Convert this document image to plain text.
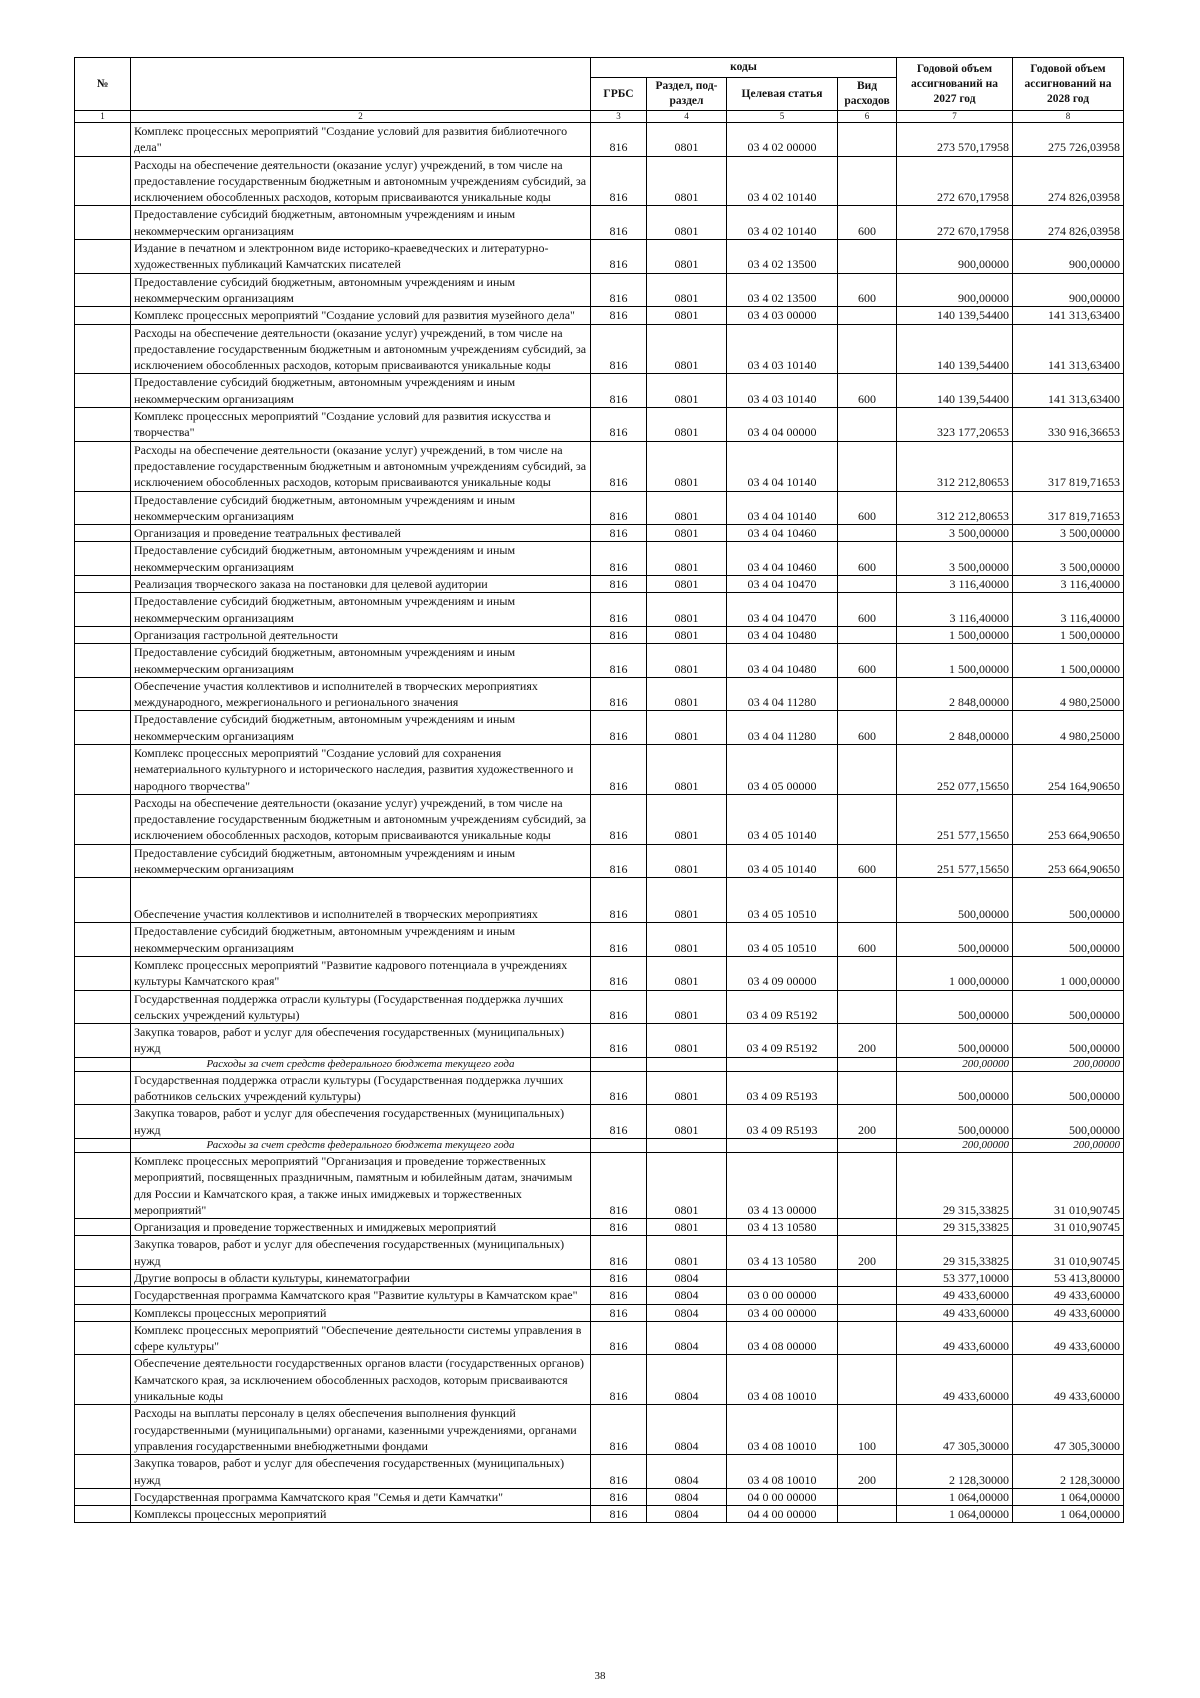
№		коды				Годовой объем ассигнований на 2027 год	Годовой объем ассигнований на 2028 год
		ГРБС	Раздел, под-раздел	Целевая статья	Вид расходов		
1	2	3	4	5	6	7	8
	Комплекс процессных мероприятий "Создание условий для развития библиотечного дела"	816	0801	03 4 02 00000		273 570,17958	275 726,03958
	Расходы на обеспечение деятельности (оказание услуг) учреждений, в том числе на предоставление государственным бюджетным и автономным учреждениям субсидий, за исключением обособленных расходов, которым присваиваются уникальные коды	816	0801	03 4 02 10140		272 670,17958	274 826,03958
	Предоставление субсидий бюджетным, автономным учреждениям и иным некоммерческим организациям	816	0801	03 4 02 10140	600	272 670,17958	274 826,03958
	Издание в печатном и электронном виде историко-краеведческих и литературно-художественных публикаций Камчатских писателей	816	0801	03 4 02 13500		900,00000	900,00000
	Предоставление субсидий бюджетным, автономным учреждениям и иным некоммерческим организациям	816	0801	03 4 02 13500	600	900,00000	900,00000
	Комплекс процессных мероприятий "Создание условий для развития музейного дела"	816	0801	03 4 03 00000		140 139,54400	141 313,63400
	Расходы на обеспечение деятельности (оказание услуг) учреждений, в том числе на предоставление государственным бюджетным и автономным учреждениям субсидий, за исключением обособленных расходов, которым присваиваются уникальные коды	816	0801	03 4 03 10140		140 139,54400	141 313,63400
	Предоставление субсидий бюджетным, автономным учреждениям и иным некоммерческим организациям	816	0801	03 4 03 10140	600	140 139,54400	141 313,63400
	Комплекс процессных мероприятий "Создание условий для развития искусства и творчества"	816	0801	03 4 04 00000		323 177,20653	330 916,36653
	Расходы на обеспечение деятельности (оказание услуг) учреждений, в том числе на предоставление государственным бюджетным и автономным учреждениям субсидий, за исключением обособленных расходов, которым присваиваются уникальные коды	816	0801	03 4 04 10140		312 212,80653	317 819,71653
	Предоставление субсидий бюджетным, автономным учреждениям и иным некоммерческим организациям	816	0801	03 4 04 10140	600	312 212,80653	317 819,71653
	Организация и проведение театральных фестивалей	816	0801	03 4 04 10460		3 500,00000	3 500,00000
	Предоставление субсидий бюджетным, автономным учреждениям и иным некоммерческим организациям	816	0801	03 4 04 10460	600	3 500,00000	3 500,00000
	Реализация творческого заказа на постановки для целевой аудитории	816	0801	03 4 04 10470		3 116,40000	3 116,40000
	Предоставление субсидий бюджетным, автономным учреждениям и иным некоммерческим организациям	816	0801	03 4 04 10470	600	3 116,40000	3 116,40000
	Организация гастрольной деятельности	816	0801	03 4 04 10480		1 500,00000	1 500,00000
	Предоставление субсидий бюджетным, автономным учреждениям и иным некоммерческим организациям	816	0801	03 4 04 10480	600	1 500,00000	1 500,00000
	Обеспечение участия коллективов и исполнителей в творческих мероприятиях международного, межрегионального и регионального значения	816	0801	03 4 04 11280		2 848,00000	4 980,25000
	Предоставление субсидий бюджетным, автономным учреждениям и иным некоммерческим организациям	816	0801	03 4 04 11280	600	2 848,00000	4 980,25000
	Комплекс процессных мероприятий "Создание условий для сохранения нематериального культурного и исторического наследия, развития художественного и народного творчества"	816	0801	03 4 05 00000		252 077,15650	254 164,90650
	Расходы на обеспечение деятельности (оказание услуг) учреждений, в том числе на предоставление государственным бюджетным и автономным учреждениям субсидий, за исключением обособленных расходов, которым присваиваются уникальные коды	816	0801	03 4 05 10140		251 577,15650	253 664,90650
	Предоставление субсидий бюджетным, автономным учреждениям и иным некоммерческим организациям	816	0801	03 4 05 10140	600	251 577,15650	253 664,90650
	Обеспечение участия коллективов и исполнителей в творческих мероприятиях	816	0801	03 4 05 10510		500,00000	500,00000
	Предоставление субсидий бюджетным, автономным учреждениям и иным некоммерческим организациям	816	0801	03 4 05 10510	600	500,00000	500,00000
	Комплекс процессных мероприятий "Развитие кадрового потенциала в учреждениях культуры Камчатского края"	816	0801	03 4 09 00000		1 000,00000	1 000,00000
	Государственная поддержка отрасли культуры (Государственная поддержка лучших сельских учреждений культуры)	816	0801	03 4 09 R5192		500,00000	500,00000
	Закупка товаров, работ и услуг для обеспечения государственных (муниципальных) нужд	816	0801	03 4 09 R5192	200	500,00000	500,00000
	Расходы за счет средств федерального бюджета текущего года					200,00000	200,00000
	Государственная поддержка отрасли культуры (Государственная поддержка лучших работников сельских учреждений культуры)	816	0801	03 4 09 R5193		500,00000	500,00000
	Закупка товаров, работ и услуг для обеспечения государственных (муниципальных) нужд	816	0801	03 4 09 R5193	200	500,00000	500,00000
	Расходы за счет средств федерального бюджета текущего года					200,00000	200,00000
	Комплекс процессных мероприятий "Организация и проведение торжественных мероприятий, посвященных праздничным, памятным и юбилейным датам, значимым для России и Камчатского края, а также иных имиджевых и торжественных мероприятий"	816	0801	03 4 13 00000		29 315,33825	31 010,90745
	Организация и проведение торжественных и имиджевых мероприятий	816	0801	03 4 13 10580		29 315,33825	31 010,90745
	Закупка товаров, работ и услуг для обеспечения государственных (муниципальных) нужд	816	0801	03 4 13 10580	200	29 315,33825	31 010,90745
	Другие вопросы в области культуры, кинематографии	816	0804			53 377,10000	53 413,80000
	Государственная программа Камчатского края "Развитие культуры в Камчатском крае"	816	0804	03 0 00 00000		49 433,60000	49 433,60000
	Комплексы процессных мероприятий	816	0804	03 4 00 00000		49 433,60000	49 433,60000
	Комплекс процессных мероприятий "Обеспечение деятельности системы управления в сфере культуры"	816	0804	03 4 08 00000		49 433,60000	49 433,60000
	Обеспечение деятельности государственных органов власти (государственных органов) Камчатского края, за исключением обособленных расходов, которым присваиваются уникальные коды	816	0804	03 4 08 10010		49 433,60000	49 433,60000
	Расходы на выплаты персоналу в целях обеспечения выполнения функций государственными (муниципальными) органами, казенными учреждениями, органами управления государственными внебюджетными фондами	816	0804	03 4 08 10010	100	47 305,30000	47 305,30000
	Закупка товаров, работ и услуг для обеспечения государственных (муниципальных) нужд	816	0804	03 4 08 10010	200	2 128,30000	2 128,30000
	Государственная программа Камчатского края "Семья и дети Камчатки"	816	0804	04 0 00 00000		1 064,00000	1 064,00000
	Комплексы процессных мероприятий	816	0804	04 4 00 00000		1 064,00000	1 064,00000
38
